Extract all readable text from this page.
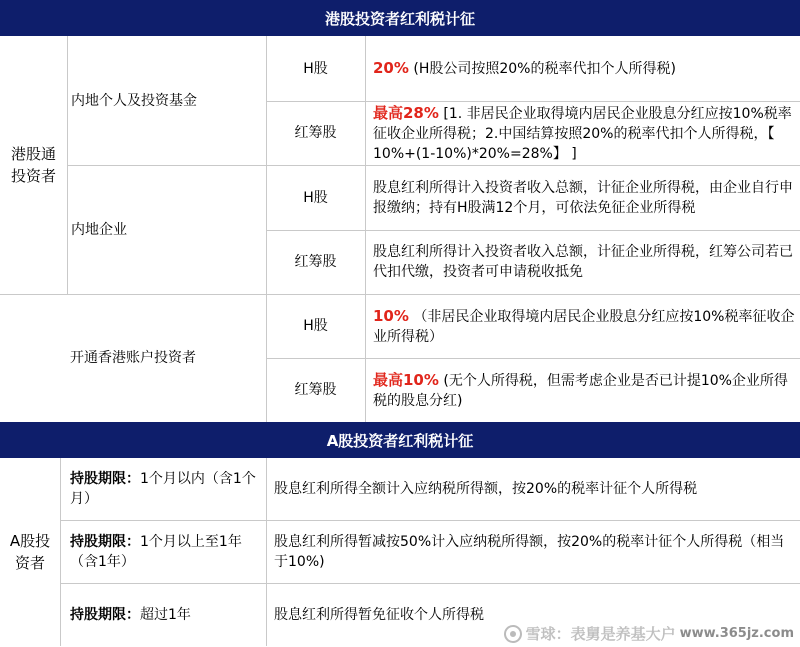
港股投资者红利税计征
港股通
投资者
内地个人及投资基金
H股	20% (H股公司按照20%的税率代扣个人所得税)
红筹股
最高28% [1. 非居民企业取得境内居民企业股息分红应按10%税率征收企业所得税；2.中国结算按照20%的税率代扣个人所得税，【 10%+(1-10%)*20%=28%】 ]
内地企业
H股
股息红利所得计入投资者收入总额，计征企业所得税，由企业自行申报缴纳；持有H股满12个月，可依法免征企业所得税
红筹股
股息红利所得计入投资者收入总额，计征企业所得税，红筹公司若已代扣代缴，投资者可申请税收抵免
开通香港账户投资者
H股
10% （非居民企业取得境内居民企业股息分红应按10%税率征收企业所得税）
红筹股
最高10% (无个人所得税，但需考虑企业是否已计提10%企业所得税的股息分红)
A股投资者红利税计征
A股投
资者
持股期限：1个月以内（含1个月）
股息红利所得全额计入应纳税所得额，按20%的税率计征个人所得税
持股期限：1个月以上至1年（含1年）
股息红利所得暂减按50%计入应纳税所得额，按20%的税率计征个人所得税（相当于10%)
持股期限：超过1年	股息红利所得暂免征收个人所得税
雪球：表舅是养基大户 www.365jz.com
